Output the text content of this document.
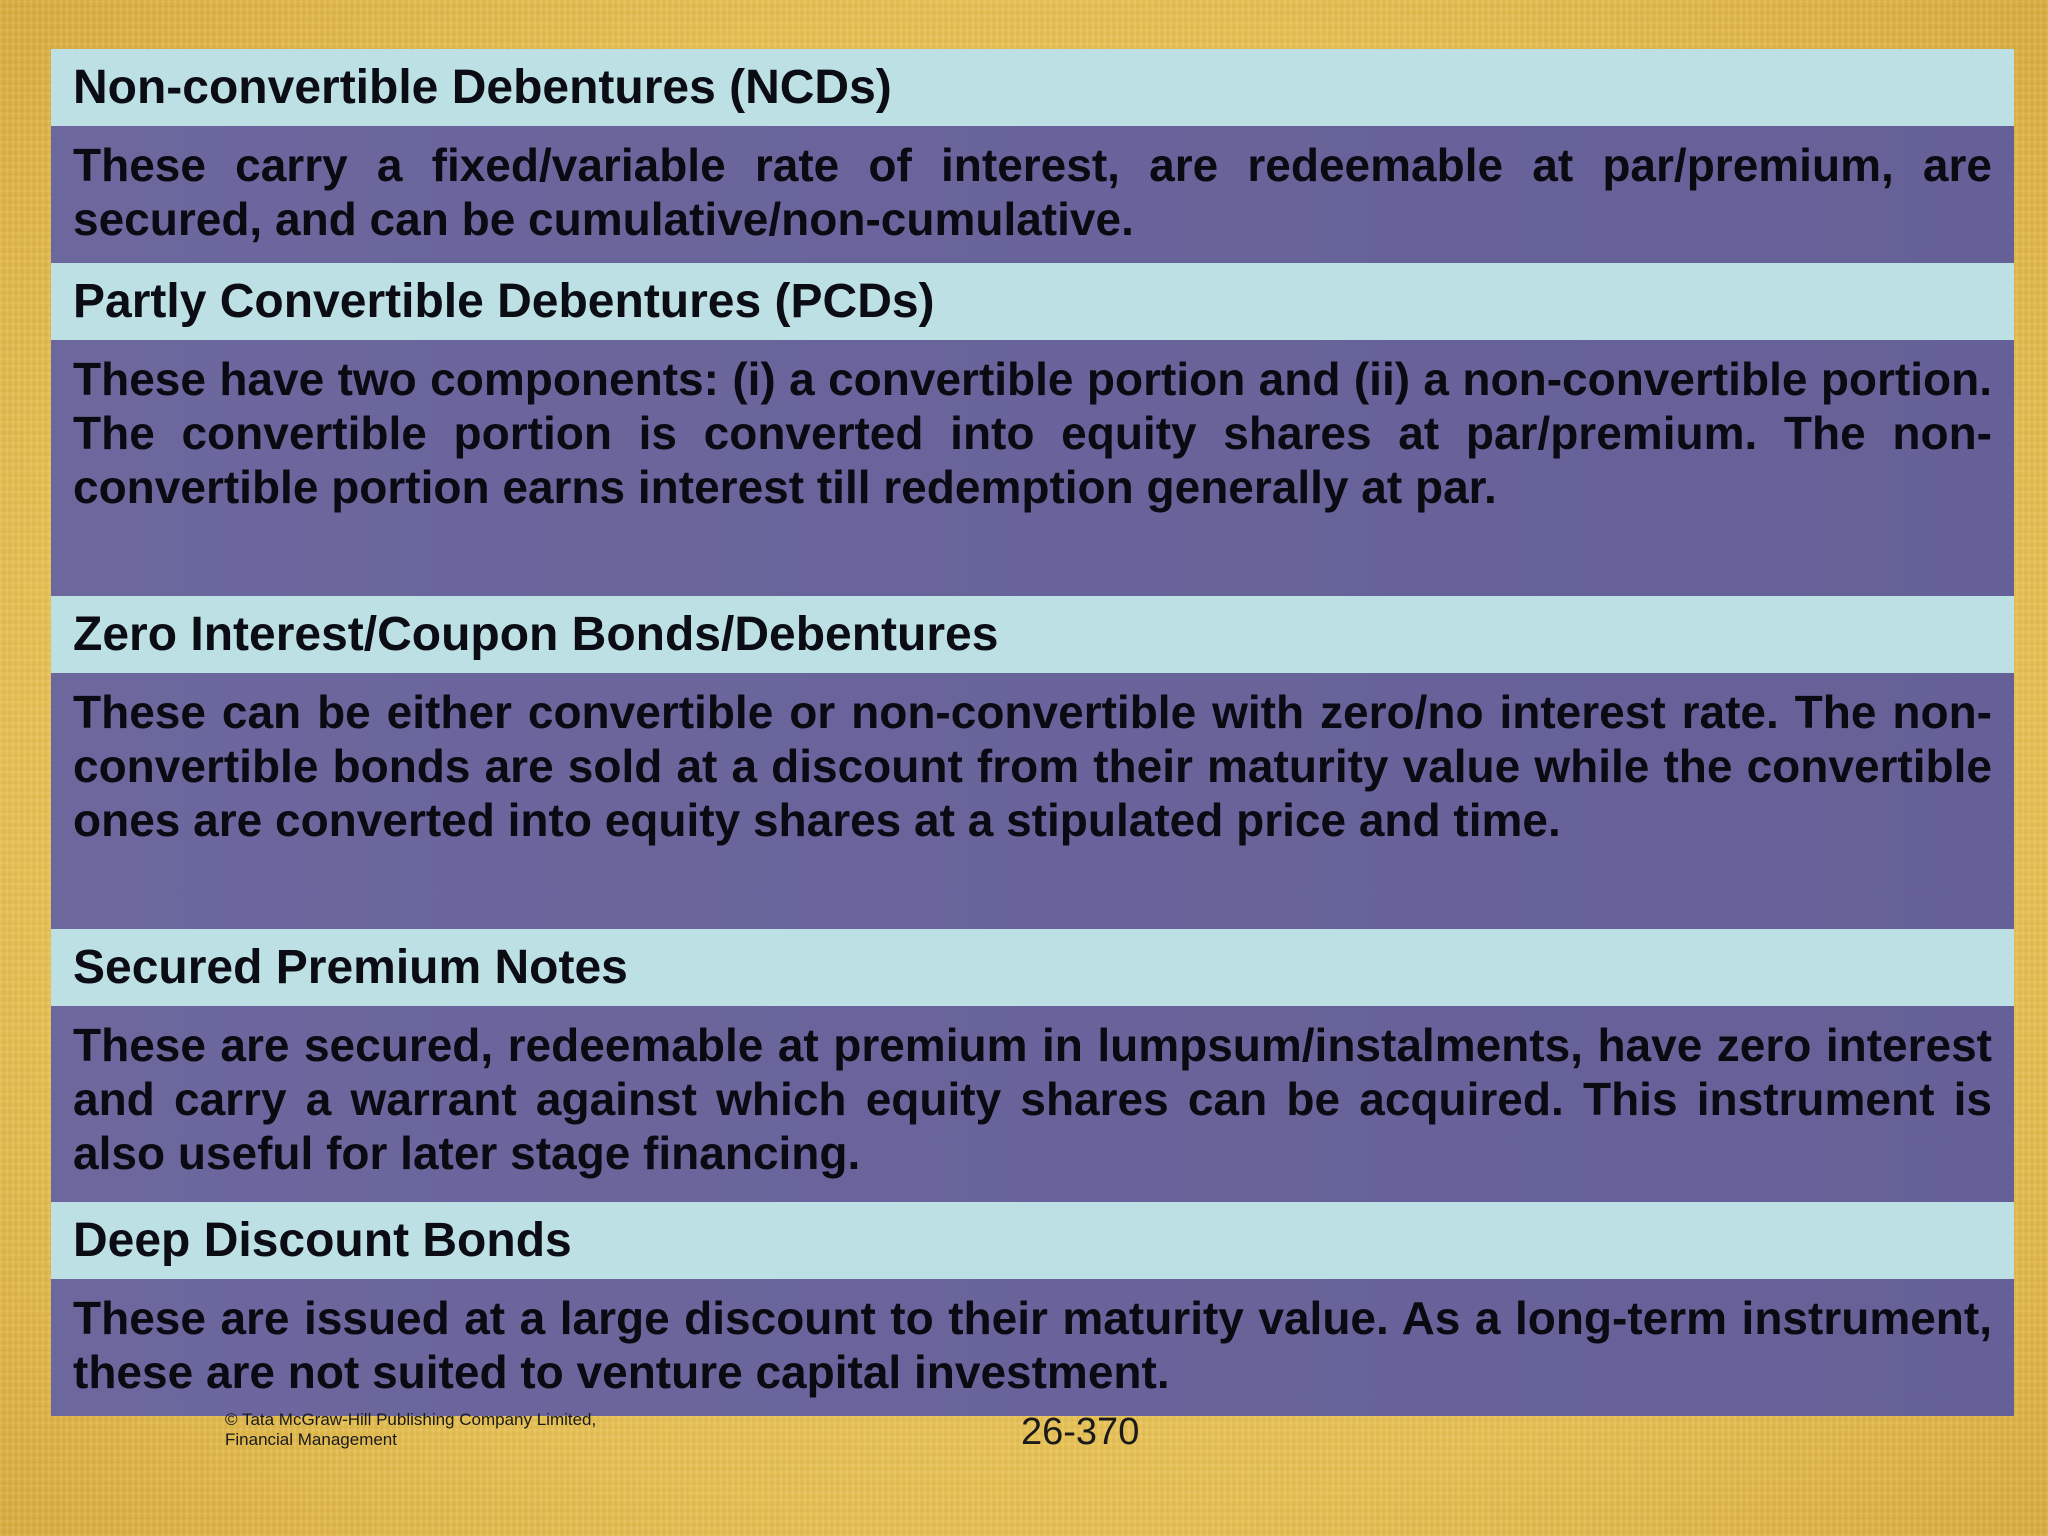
Non-convertible Debentures (NCDs)
These carry a fixed/variable rate of interest, are redeemable at par/premium, are secured, and can be cumulative/non-cumulative.
Partly Convertible Debentures (PCDs)
These have two components: (i) a convertible portion and (ii) a non-convertible portion. The convertible portion is converted into equity shares at par/premium. The non-convertible portion earns interest till redemption generally at par.
Zero Interest/Coupon Bonds/Debentures
These can be either convertible or non-convertible with zero/no interest rate. The non-convertible bonds are sold at a discount from their maturity value while the convertible ones are converted into equity shares at a stipulated price and time.
Secured Premium Notes
These are secured, redeemable at premium in lumpsum/instalments, have zero interest and carry a warrant against which equity shares can be acquired. This instrument is also useful for later stage financing.
Deep Discount Bonds
These are issued at a large discount to their maturity value. As a long-term instrument, these are not suited to venture capital investment.
© Tata McGraw-Hill Publishing Company Limited,
Financial Management	26-370
